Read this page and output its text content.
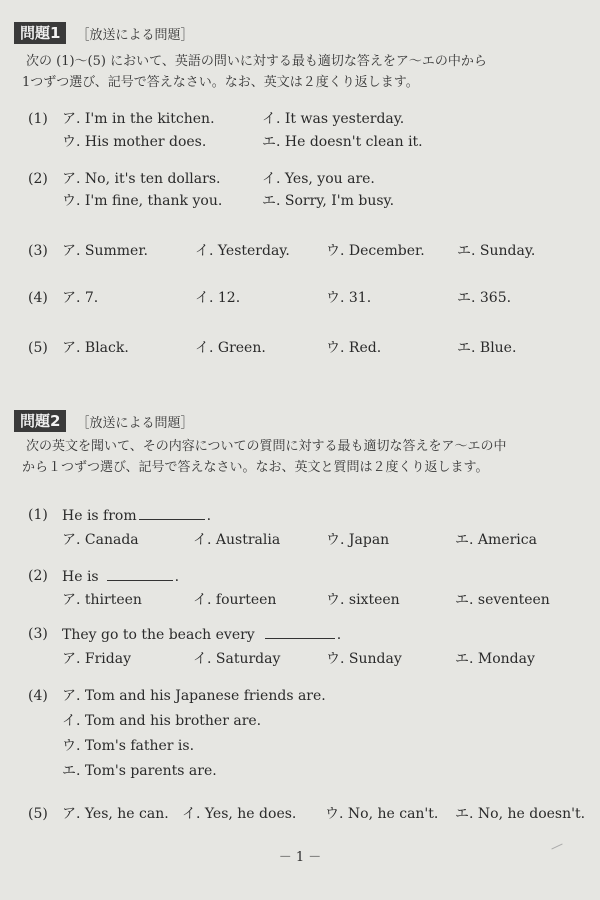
問題1	［放送による問題］

次の (1)～(5) において、英語の問いに対する最も適切な答えをア～エの中から

1つずつ選び、記号で答えなさい。なお、英文は２度くり返します。

(1) ア. I'm in the kitchen.	イ. It was yesterday.
ウ. His mother does.	エ. He doesn't clean it.
(2) ア. No, it's ten dollars.	イ. Yes, you are.
ウ. I'm fine, thank you.	エ. Sorry, I'm busy.
(3) ア. Summer.	イ. Yesterday.	ウ. December. エ. Sunday.
(4) ア. 7.	イ. 12.	ウ. 31.	エ. 365.
(5) ア. Black.	イ. Green.	ウ. Red.	エ. Blue.
問題2	［放送による問題］

次の英文を聞いて、その内容についての質問に対する最も適切な答えをア～エの中

から１つずつ選び、記号で答えなさい。なお、英文と質問は２度くり返します。

(1) He is from	.
ア. Canada	イ. Australia	ウ. Japan	エ. America
(2) He is	.
ア. thirteen	イ. fourteen	ウ. sixteen	エ. seventeen
(3) They go to the beach every	.
ア. Friday	イ. Saturday	ウ. Sunday	エ. Monday
(4) ア. Tom and his Japanese friends are.
イ. Tom and his brother are.
ウ. Tom's father is.
エ. Tom's parents are.
(5) ア. Yes, he can. イ. Yes, he does. ウ. No, he can't. エ. No, he doesn't.
－ 1 －
